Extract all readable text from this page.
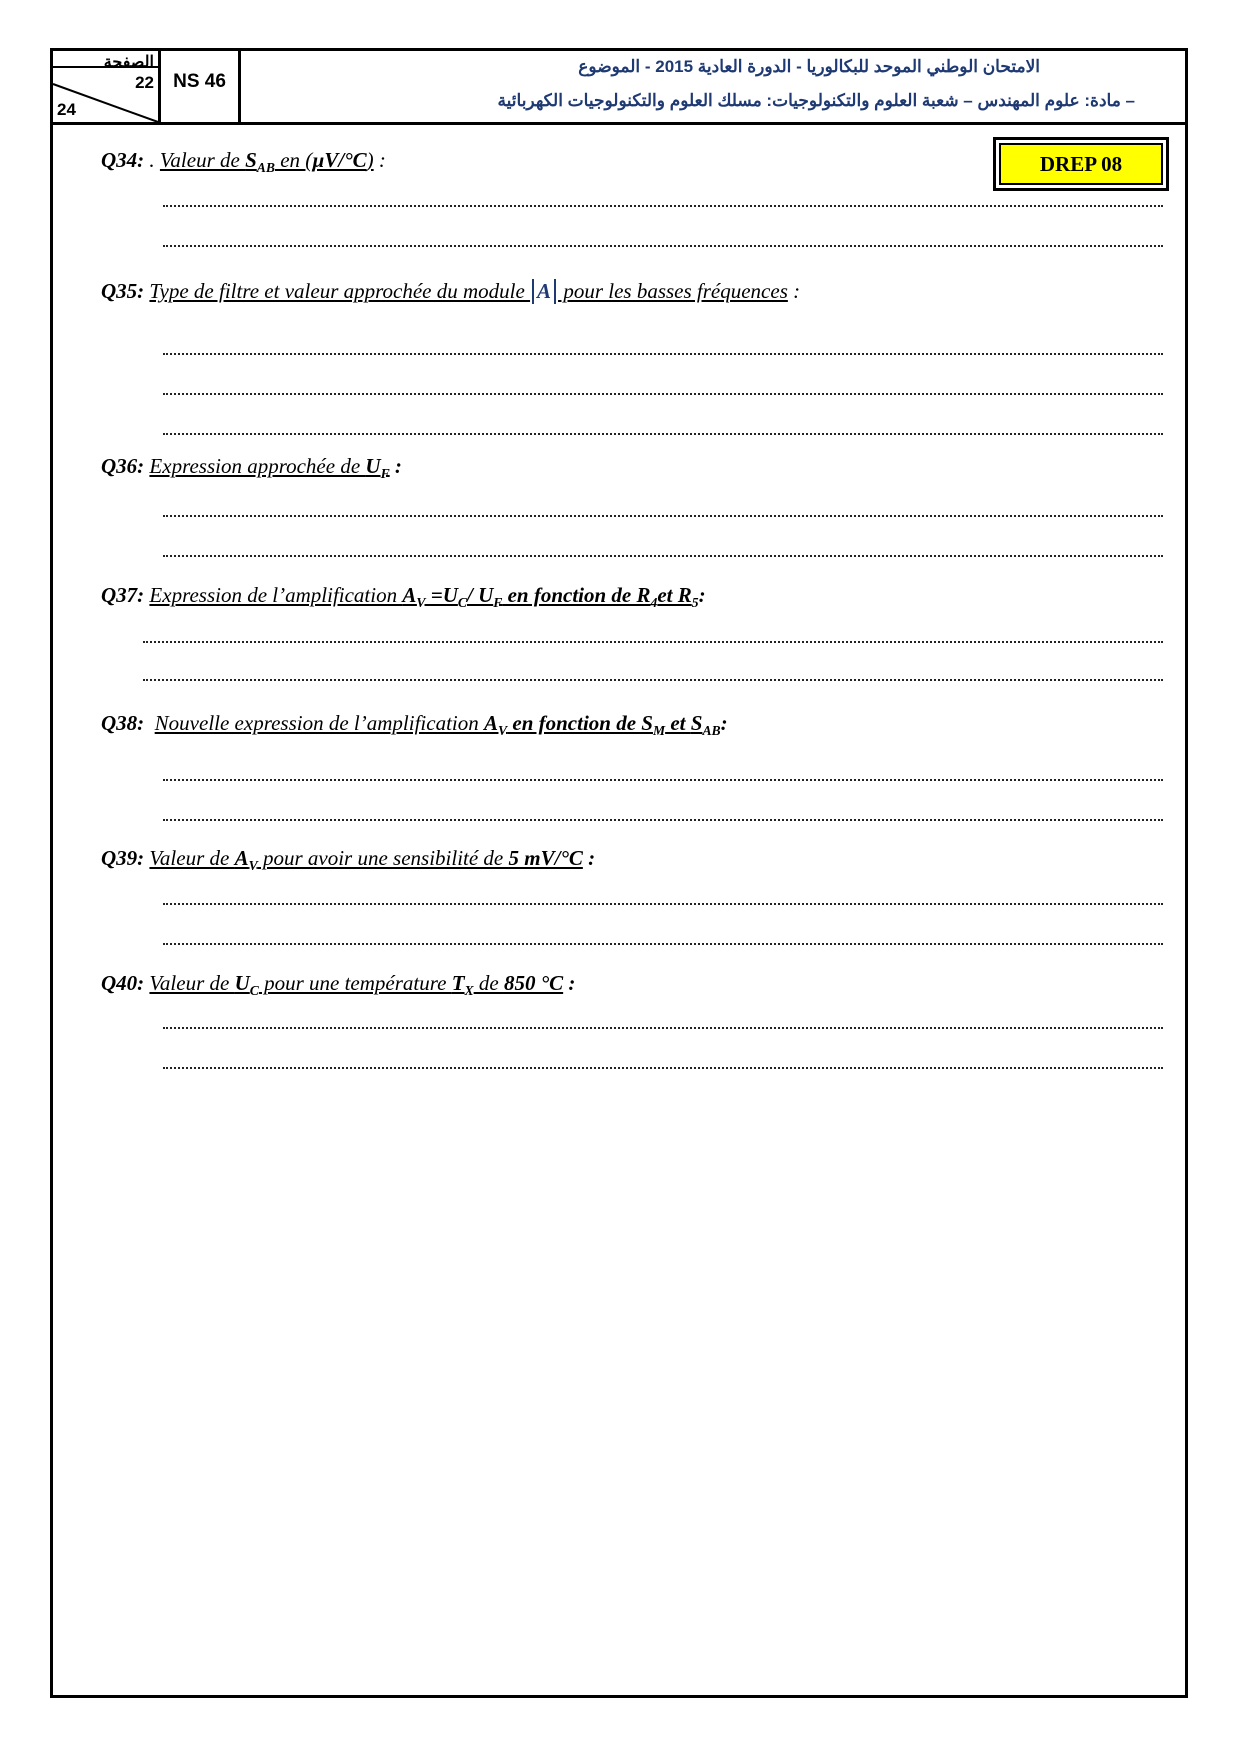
الصفحة
22
24
NS 46
الامتحان الوطني الموحد للبكالوريا - الدورة العادية 2015 - الموضوع
– مادة: علوم المهندس – شعبة العلوم والتكنولوجيات: مسلك العلوم والتكنولوجيات الكهربائية
DREP 08
Q34: . Valeur de $S_{AB}$ en (µV/°C) :
Q35: Type de filtre et valeur approchée du module A pour les basses fréquences :
Q36: Expression approchée de $U_F$ :
Q37: Expression de l’amplification $A_V =U_C/$ $U_F$ en fonction de $R_4et$ $R_5$:
Q38: Nouvelle expression de l’amplification $A_V$ en fonction de $S_M$ et $S_{AB}$:
Q39: Valeur de $A_V$ pour avoir une sensibilité de 5 mV/°C :
Q40: Valeur de $U_C$ pour une température $T_X$ de 850 °C :
